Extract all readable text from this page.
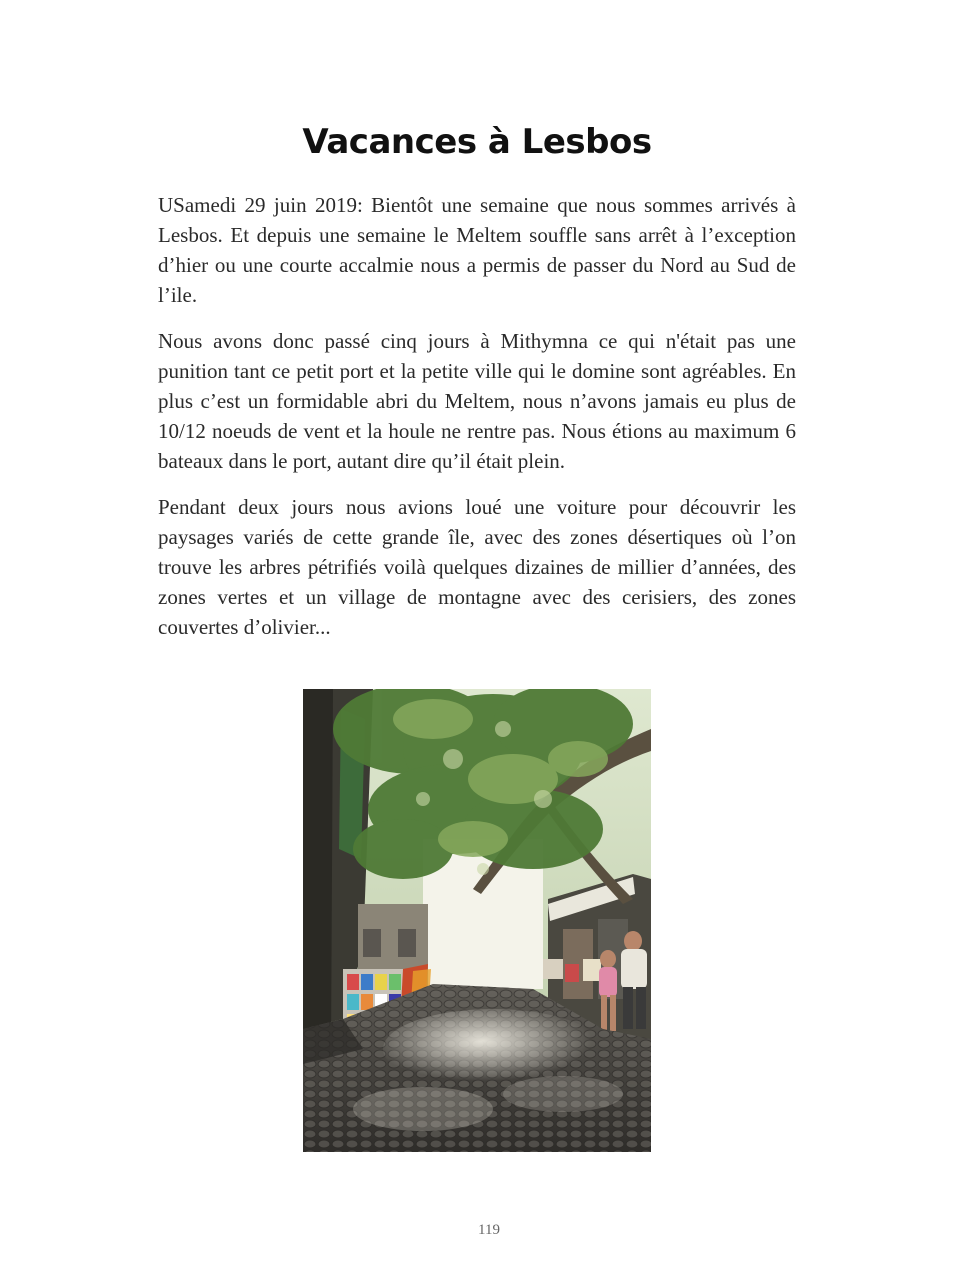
Vacances à Lesbos

USamedi 29 juin 2019: Bientôt une semaine que nous sommes arrivés à Lesbos. Et depuis une semaine le Meltem souffle sans arrêt à l’exception d’hier ou une courte accalmie nous a permis de passer du Nord au Sud de l’ile.

Nous avons donc passé cinq jours à Mithymna ce qui n'était pas une punition tant ce petit port et la petite ville qui le domine sont agréables. En plus c’est un formidable abri du Meltem, nous n’avons jamais eu plus de 10/12 noeuds de vent et la houle ne rentre pas. Nous étions au maximum 6 bateaux dans le port, autant dire qu’il était plein.

Pendant deux jours nous avions loué une voiture pour découvrir les paysages variés de cette grande île, avec des zones désertiques où l’on trouve les arbres pétrifiés voilà quelques dizaines de millier d’années, des zones vertes et un village de montagne avec des cerisiers, des zones couvertes d’olivier...

119
